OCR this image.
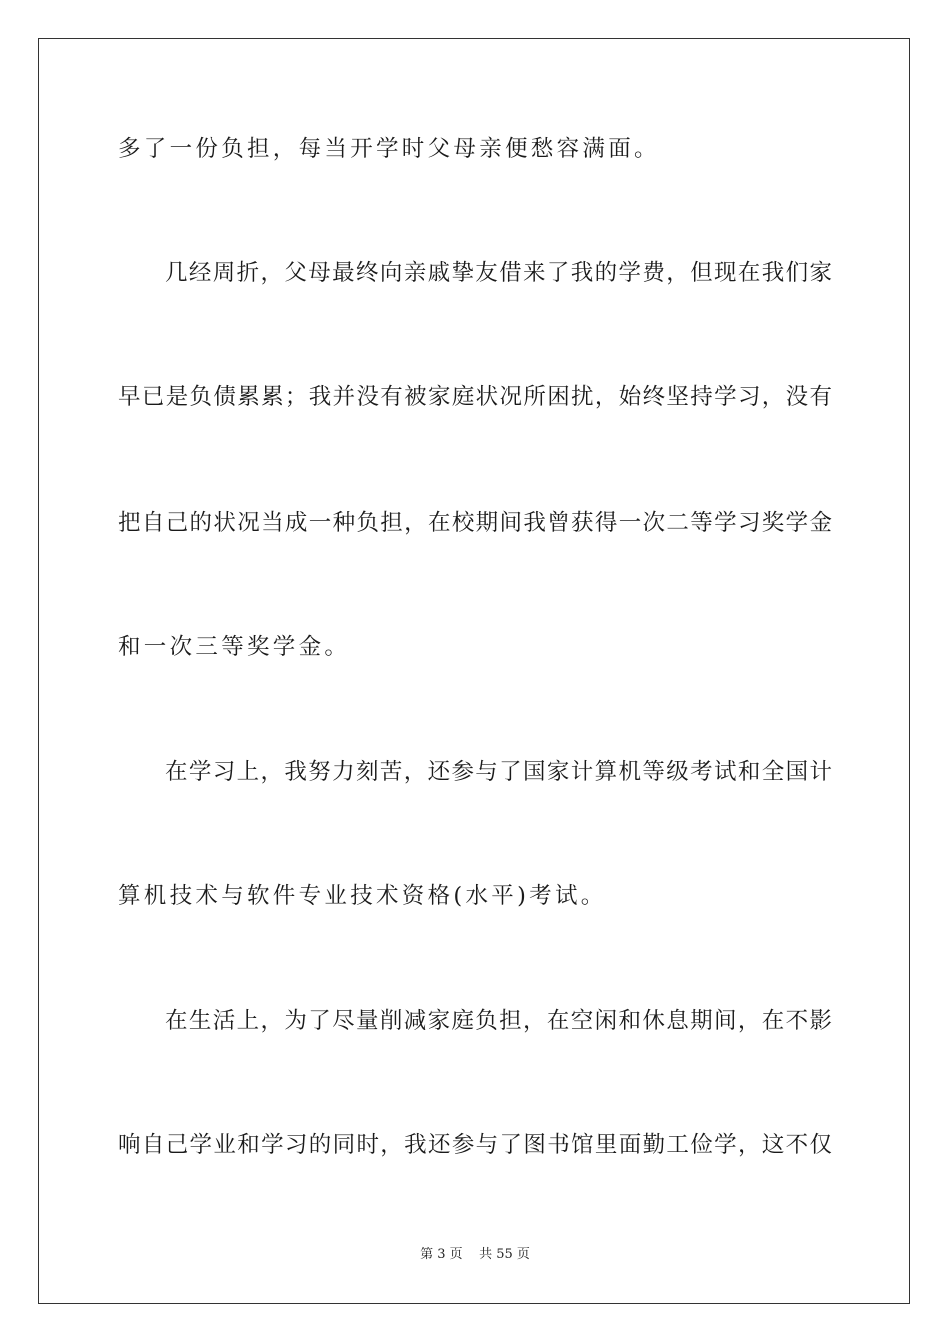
多了一份负担，每当开学时父母亲便愁容满面。
几经周折，父母最终向亲戚挚友借来了我的学费，但现在我们家
早已是负债累累；我并没有被家庭状况所困扰，始终坚持学习，没有
把自己的状况当成一种负担，在校期间我曾获得一次二等学习奖学金
和一次三等奖学金。
在学习上，我努力刻苦，还参与了国家计算机等级考试和全国计
算机技术与软件专业技术资格(水平)考试。
在生活上，为了尽量削减家庭负担，在空闲和休息期间，在不影
响自己学业和学习的同时，我还参与了图书馆里面勤工俭学，这不仅
第 3 页    共 55 页
